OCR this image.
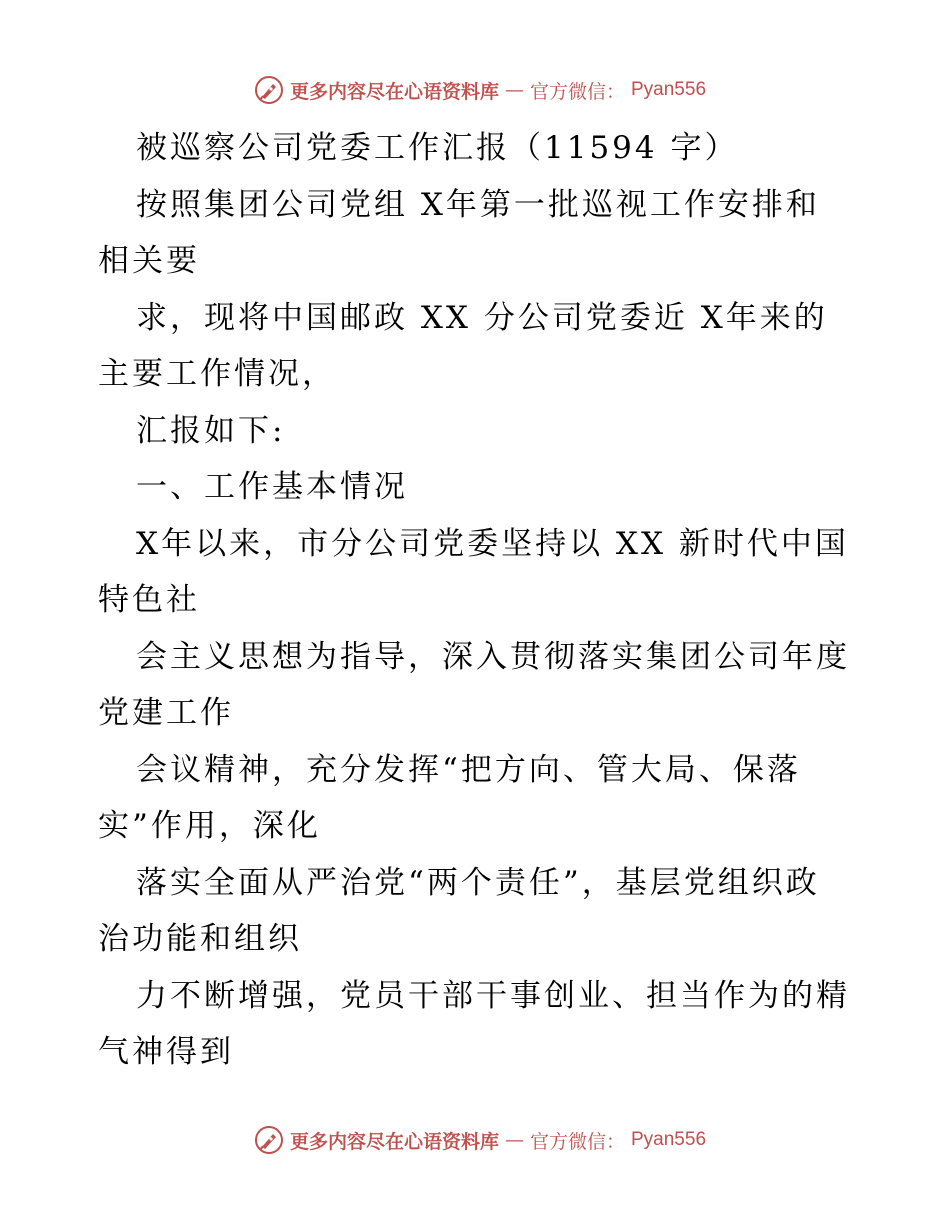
更多内容尽在心语资料库 — 官方微信： Pyan556
被巡察公司党委工作汇报（11594 字）
按照集团公司党组 X年第一批巡视工作安排和
相关要
求，现将中国邮政 XX 分公司党委近 X年来的
主要工作情况，
汇报如下:
一、工作基本情况
X年以来，市分公司党委坚持以 XX 新时代中国
特色社
会主义思想为指导，深入贯彻落实集团公司年度
党建工作
会议精神，充分发挥“把方向、管大局、保落
实”作用，深化
落实全面从严治党“两个责任”，基层党组织政
治功能和组织
力不断增强，党员干部干事创业、担当作为的精
气神得到
更多内容尽在心语资料库 — 官方微信： Pyan556
